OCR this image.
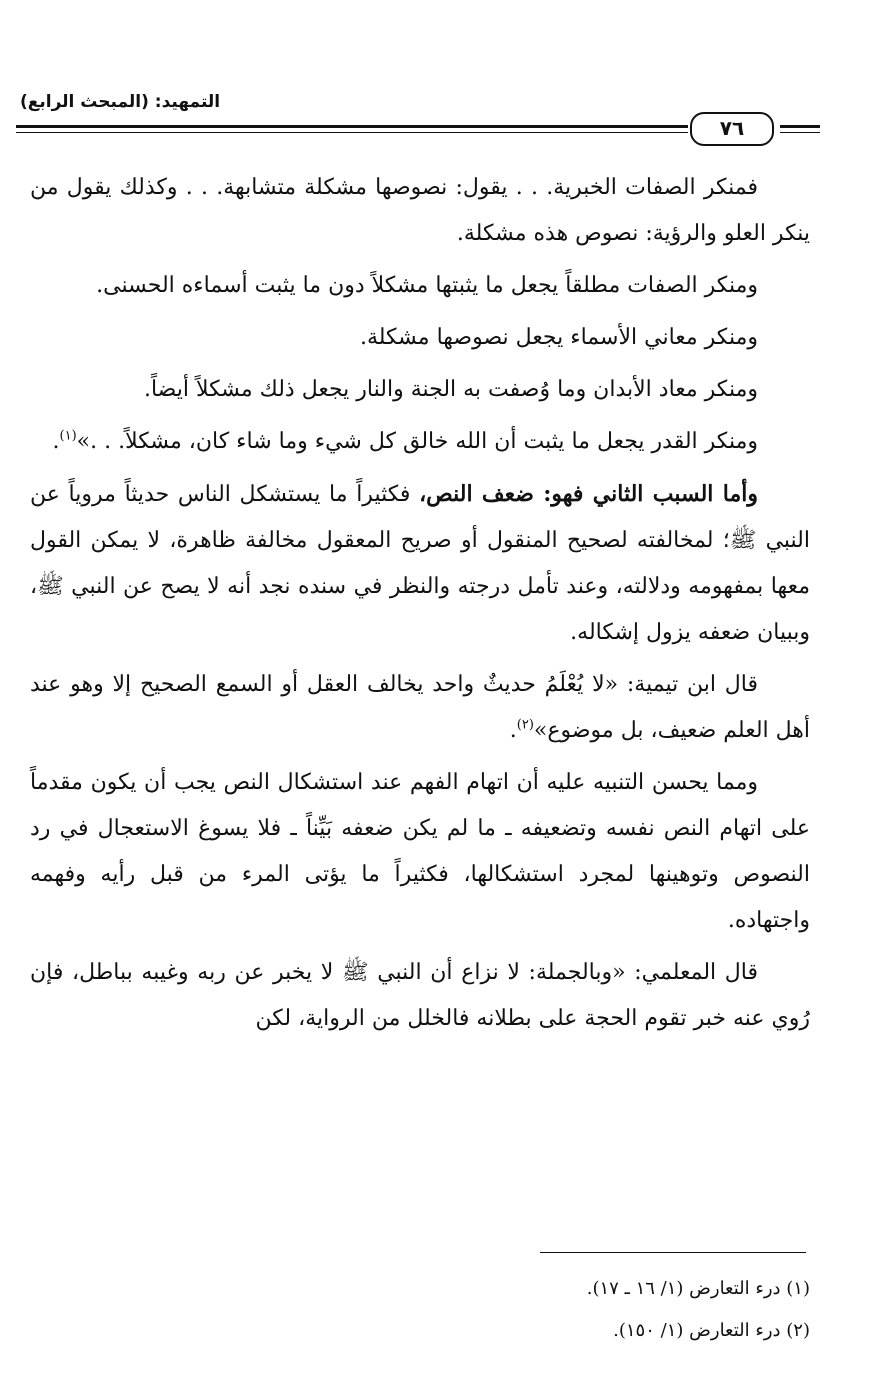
التمهيد: (المبحث الرابع)
٧٦

فمنكر الصفات الخبرية. . . يقول: نصوصها مشكلة متشابهة. . . وكذلك يقول من ينكر العلو والرؤية: نصوص هذه مشكلة.

ومنكر الصفات مطلقاً يجعل ما يثبتها مشكلاً دون ما يثبت أسماءه الحسنى.

ومنكر معاني الأسماء يجعل نصوصها مشكلة.

ومنكر معاد الأبدان وما وُصفت به الجنة والنار يجعل ذلك مشكلاً أيضاً.

ومنكر القدر يجعل ما يثبت أن الله خالق كل شيء وما شاء كان، مشكلاً. . .»$^{(١)}$.

وأما السبب الثاني فهو: ضعف النص، فكثيراً ما يستشكل الناس حديثاً مروياً عن النبي ﷺ؛ لمخالفته لصحيح المنقول أو صريح المعقول مخالفة ظاهرة، لا يمكن القول معها بمفهومه ودلالته، وعند تأمل درجته والنظر في سنده نجد أنه لا يصح عن النبي ﷺ، وببيان ضعفه يزول إشكاله.

قال ابن تيمية: «لا يُعْلَمُ حديثٌ واحد يخالف العقل أو السمع الصحيح إلا وهو عند أهل العلم ضعيف، بل موضوع»$^{(٢)}$.

ومما يحسن التنبيه عليه أن اتهام الفهم عند استشكال النص يجب أن يكون مقدماً على اتهام النص نفسه وتضعيفه ـ ما لم يكن ضعفه بَيِّناً ـ فلا يسوغ الاستعجال في رد النصوص وتوهينها لمجرد استشكالها، فكثيراً ما يؤتى المرء من قبل رأيه وفهمه واجتهاده.

قال المعلمي: «وبالجملة: لا نزاع أن النبي ﷺ لا يخبر عن ربه وغيبه بباطل، فإن رُوي عنه خبر تقوم الحجة على بطلانه فالخلل من الرواية، لكن

(١) درء التعارض (١/ ١٦ ـ ١٧).
(٢) درء التعارض (١/ ١٥٠).
